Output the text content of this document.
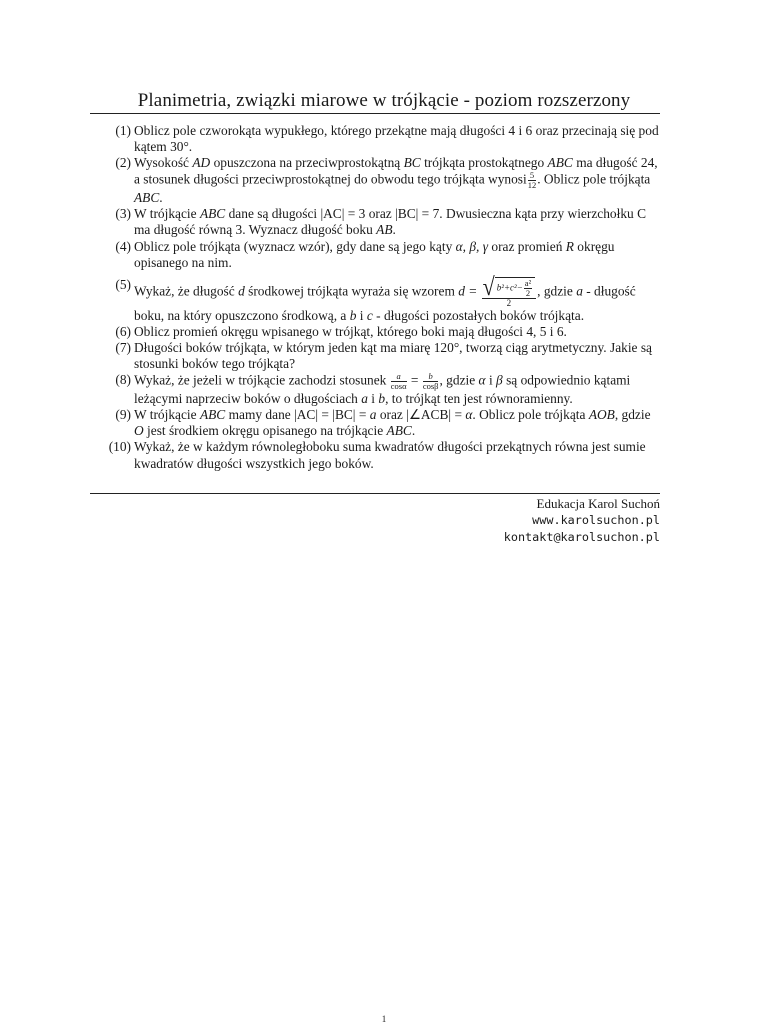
Planimetria, związki miarowe w trójkącie - poziom rozszerzony
(1) Oblicz pole czworokąta wypukłego, którego przekątne mają długości 4 i 6 oraz przecinają się pod kątem 30°.
(2) Wysokość AD opuszczona na przeciwprostokątną BC trójkąta prostokątnego ABC ma długość 24, a stosunek długości przeciwprostokątnej do obwodu tego trójkąta wynosi $\frac{5}{12}$ . Oblicz pole trójkąta ABC.
(3) W trójkącie ABC dane są długości |AC| = 3 oraz |BC| = 7. Dwusieczna kąta przy wierzchołku C ma długość równą 3. Wyznacz długość boku AB.
(4) Oblicz pole trójkąta (wyznacz wzór), gdy dane są jego kąty α, β, γ oraz promień R okręgu opisanego na nim.
(5) Wykaż, że długość d środkowej trójkąta wyraża się wzorem $d = \frac{√ b^2+c^2- \frac{\text{a²}}{2}}{2}$ , gdzie a - długość boku, na który opuszczono środkową, a b i c - długości pozostałych boków trójkąta.
(6) Oblicz promień okręgu wpisanego w trójkąt, którego boki mają długości 4, 5 i 6.
(7) Długości boków trójkąta, w którym jeden kąt ma miarę 120°, tworzą ciąg arytmetyczny. Jakie są stosunki boków tego trójkąta?
(8) Wykaż, że jeżeli w trójkącie zachodzi stosunek $\frac{a}{\cos\alpha} = \frac{b}{\cos\beta}$ , gdzie α i β są odpowiednio kątami leżącymi naprzeciw boków o długościach a i b, to trójkąt ten jest równoramienny.
(9) W trójkącie ABC mamy dane |AC| = |BC| = a oraz |∠ACB| = α. Oblicz pole trójkąta AOB, gdzie O jest środkiem okręgu opisanego na trójkącie ABC.
(10) Wykaż, że w każdym równoległoboku suma kwadratów długości przekątnych równa jest sumie kwadratów długości wszystkich jego boków.
Edukacja Karol Suchoń
www.karolsuchon.pl
kontakt@karolsuchon.pl
1
